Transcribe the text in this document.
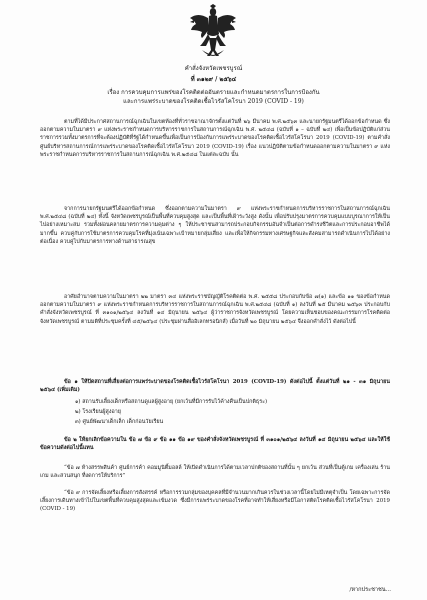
คำสั่งจังหวัดเพชรบูรณ์
ที่ ๓๑๒๙ / ๒๕๖๔
เรื่อง การควบคุมการแพร่ของโรคติดต่ออันตรายและกำหนดมาตรการในการป้องกัน
และการแพร่ระบาดของโรคติดเชื้อไวรัสโคโรนา 2019 (COVID - 19)

ตามที่ได้มีประกาศสถานการณ์ฉุกเฉินในเขตท้องที่ทั่วราชอาณาจักรตั้งแต่วันที่ ๒๖ มีนาคม พ.ศ.๒๕๖๓ และนายกรัฐมนตรีได้ออกข้อกำหนด ซึ่งออกตามความในมาตรา ๙ แห่งพระราชกำหนดการบริหารราชการในสถานการณ์ฉุกเฉิน พ.ศ. ๒๕๔๘ (ฉบับที่ ๑ – ฉบับที่ ๒๔) เพื่อเป็นข้อปฏิบัติแก่ส่วนราชการรวมทั้งมาตรการที่จะต้องปฏิบัติที่รัฐได้กำหนดขึ้นเพื่อเป็นการป้องกันการแพร่ระบาดของโรคติดเชื้อไวรัสโคโรนา 2019 (COVID-19) ตามคำสั่งศูนย์บริหารสถานการณ์การแพร่ระบาดของโรคติดเชื้อไวรัสโคโรนา 2019 (COVID-19) เรื่อง แนวปฏิบัติตามข้อกำหนดออกตามความในมาตรา ๙ แห่งพระราชกำหนดการบริหารราชการในสถานการณ์ฉุกเฉิน พ.ศ.๒๕๔๘ ในแต่ละฉบับ นั้น

จากการนายกรัฐมนตรีได้ออกข้อกำหนด ซึ่งออกตามความในมาตรา ๙ แห่งพระราชกำหนดการบริหารราชการในสถานการณ์ฉุกเฉิน พ.ศ.๒๕๔๘ (ฉบับที่ ๒๔) ทั้งนี้ จังหวัดเพชรบูรณ์เป็นพื้นที่ควบคุมสูงสุด และเป็นพื้นที่เฝ้าระวังสูง ดังนั้น เพื่อปรับปรุงมาตรการควบคุมแบบบูรณาการให้เป็นไปอย่างเหมาะสม รวมทั้งผ่อนคลายมาตรการความคุมต่าง ๆ ให้ประชาชนสามารถประกอบกิจกรรมอันจำเป็นต่อการดำรงชีวิตและการประกอบอาชีพได้มากขึ้น ควบคู่กับการใช้มาตรการควบคุมโรคที่มุ่งเน้นเฉพาะเป้าหมายกลุ่มเสี่ยง และเพื่อให้กิจกรรมทางเศรษฐกิจและสังคมสามารถดำเนินการไปได้อย่างต่อเนื่อง ควบคู่ไปกับมาตรการทางด้านสาธารณสุข

อาศัยอำนาจตามความในมาตรา ๒๒ มาตรา ๓๔ แห่งพระราชบัญญัติโรคติดต่อ พ.ศ. ๒๕๕๘ ประกอบกับข้อ ๗(๑) และข้อ ๑๑ ของข้อกำหนดออกตามความในมาตรา ๙ แห่งพระราชกำหนดการบริหารราชการในสถานการณ์ฉุกเฉิน พ.ศ.๒๕๔๘ (ฉบับที่ ๑) ลงวันที่ ๒๕ มีนาคม ๒๕๖๓ ประกอบกับคำสั่งจังหวัดเพชรบูรณ์ ที่ ๓๑๐๑/๒๕๖๔ ลงวันที่ ๑๔ มิถุนายน ๒๕๖๔ ผู้ว่าราชการจังหวัดเพชรบูรณ์ โดยความเห็นชอบของคณะกรรมการโรคติดต่อจังหวัดเพชรบูรณ์ ตามมติที่ประชุมครั้งที่ ๔๕/๒๕๖๔ (ประชุมผ่านสื่ออิเลกทรอนิกส์) เมื่อวันที่ ๒๐ มิถุนายน ๒๕๖๔ จึงออกคำสั่งไว้ ดังต่อไปนี้

ข้อ ๑ ให้ปิดสถานที่เสี่ยงต่อการแพร่ระบาดของโรคติดเชื้อไวรัสโคโรนา 2019 (COVID-19) ดังต่อไปนี้ ตั้งแต่วันที่ ๒๑ - ๓๑ มิถุนายน ๒๕๖๔ (เพิ่มเติม)

๑) สถานรับเลี้ยงเด็กหรือสถานดูแลผู้สูงอายุ (ยกเว้นที่มีการรับไว้ค้างคืนเป็นปกติธุระ)

๒) โรงเรียนผู้สูงอายุ

๓) ศูนย์พัฒนาเด็กเล็ก เด็กก่อนวัยเรียน

ข้อ ๒ ให้ยกเลิกข้อความใน ข้อ ๗ ข้อ ๙ ข้อ ๑๑ ข้อ ๑๙ ของคำสั่งจังหวัดเพชรบูรณ์ ที่ ๓๑๐๑/๒๕๖๔ ลงวันที่ ๑๔ มิถุนายน ๒๕๖๔ และให้ใช้ข้อความดังต่อไปนี้แทน

“ข้อ ๗ ห้างสรรพสินค้า ศูนย์การค้า คอมมูนิตี้มอลล์ ให้เปิดดำเนินการได้ตามเวลาปกติของสถานที่นั้น ๆ ยกเว้น ส่วนที่เป็นตู้เกม เครื่องเล่น ร้านเกม และสวนสนุก ที่งดการให้บริการ”

“ข้อ ๙ การจัดเลี้ยงหรือเลี้ยงการสังสรรค์ หรือการรวมกลุ่มของบุคคลที่มีจำนวนมากเกินควรในช่วงเวลานี้โดยไม่มีเหตุจำเป็น โดยเฉพาะการจัดเลี้ยงการเดินทางเข้าไปในเขตพื้นที่ควบคุมสูงสุดและเข้มงวด ซึ่งมีการแพร่ระบาดของโรคที่อาจทำให้เสี่ยงหรือมีโอกาสติดโรคติดเชื้อไวรัสโคโรนา 2019 (COVID - 19)

/หากประชาชน...
